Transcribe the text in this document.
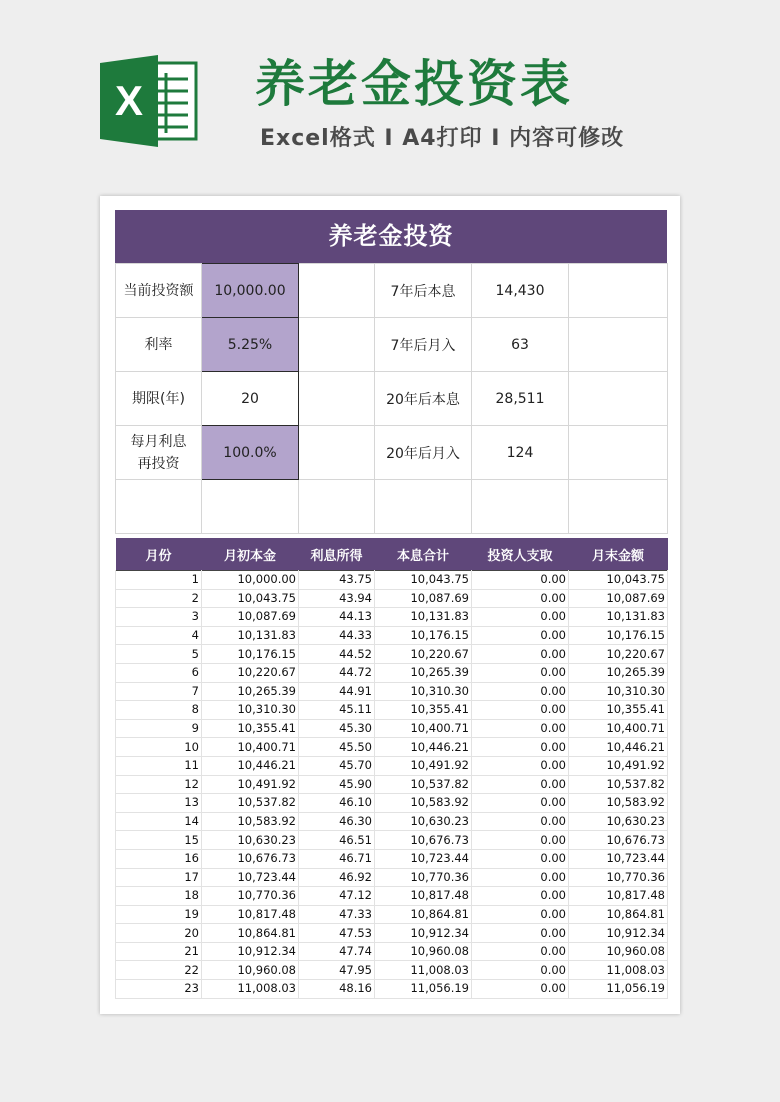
X 养老金投资表
Excel格式 I A4打印 I 内容可修改
养老金投资
当前投资额	10,000.00		7年后本息	14,430	
利率	5.25%		7年后月入	63	
期限(年)	20		20年后本息	28,511	
每月利息再投资	100.0%		20年后月入	124	

月份	月初本金	利息所得	本息合计	投资人支取	月末金额
1	10,000.00	43.75	10,043.75	0.00	10,043.75
2	10,043.75	43.94	10,087.69	0.00	10,087.69
3	10,087.69	44.13	10,131.83	0.00	10,131.83
4	10,131.83	44.33	10,176.15	0.00	10,176.15
5	10,176.15	44.52	10,220.67	0.00	10,220.67
6	10,220.67	44.72	10,265.39	0.00	10,265.39
7	10,265.39	44.91	10,310.30	0.00	10,310.30
8	10,310.30	45.11	10,355.41	0.00	10,355.41
9	10,355.41	45.30	10,400.71	0.00	10,400.71
10	10,400.71	45.50	10,446.21	0.00	10,446.21
11	10,446.21	45.70	10,491.92	0.00	10,491.92
12	10,491.92	45.90	10,537.82	0.00	10,537.82
13	10,537.82	46.10	10,583.92	0.00	10,583.92
14	10,583.92	46.30	10,630.23	0.00	10,630.23
15	10,630.23	46.51	10,676.73	0.00	10,676.73
16	10,676.73	46.71	10,723.44	0.00	10,723.44
17	10,723.44	46.92	10,770.36	0.00	10,770.36
18	10,770.36	47.12	10,817.48	0.00	10,817.48
19	10,817.48	47.33	10,864.81	0.00	10,864.81
20	10,864.81	47.53	10,912.34	0.00	10,912.34
21	10,912.34	47.74	10,960.08	0.00	10,960.08
22	10,960.08	47.95	11,008.03	0.00	11,008.03
23	11,008.03	48.16	11,056.19	0.00	11,056.19
